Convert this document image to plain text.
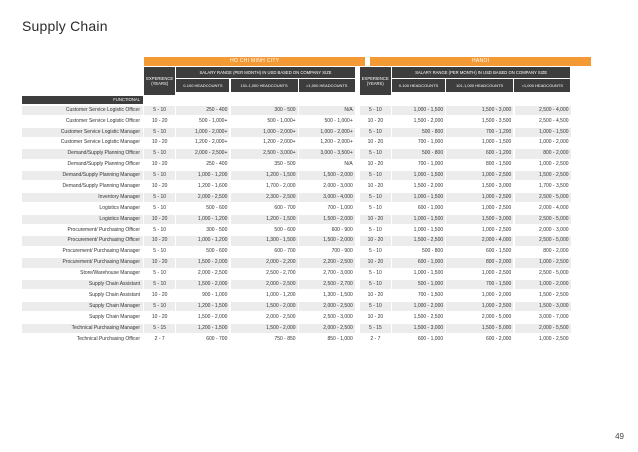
Supply Chain
HO CHI MINH CITY	HANOI
EXPERIENCE (YEARS)
SALARY RANGE (PER MONTH) IN USD BASED ON COMPANY SIZE
0-100 HEADCOUNTS	101-1,000 HEADCOUNTS	>1,000 HEADCOUNTS
EXPERIENCE (YEARS)
SALARY RANGE (PER MONTH) IN USD BASED ON COMPANY SIZE
0-100 HEADCOUNTS	101-1,000 HEADCOUNTS	>1,000 HEADCOUNTS
FUNCTIONAL
Customer Service Logistic Officer	5 - 10	250 - 400	300 - 500	N/A	5 - 10	1,000 - 1,500	1,500 - 3,000	2,500 - 4,000
Customer Service Logistic Officer	10 - 20	500 - 1,000+	500 - 1,000+	500 - 1,000+	10 - 20	1,500 - 2,000	1,500 - 3,500	2,500 - 4,500
Customer Service Logistic Manager	5 - 10	1,000 - 2,000+	1,000 - 2,000+	1,000 - 2,000+	5 - 10	500 - 800	700 - 1,200	1,000 - 1,500
Customer Service Logistic Manager	10 - 20	1,200 - 2,000+	1,200 - 2,000+	1,200 - 2,000+	10 - 20	700 - 1,000	1,000 - 1,500	1,000 - 2,000
Demand/Supply Planning Officer	5 - 10	2,000 - 2,500+	2,500 - 3,000+	3,000 - 3,500+	5 - 10	500 - 800	600 - 1,200	800 - 2,000
Demand/Supply Planning Officer	10 - 20	250 - 400	350 - 500	N/A	10 - 20	700 - 1,000	800 - 1,500	1,000 - 2,500
Demand/Supply Planning Manager	5 - 10	1,000 - 1,200	1,200 - 1,500	1,500 - 2,000	5 - 10	1,000 - 1,500	1,000 - 2,500	1,500 - 2,500
Demand/Supply Planning Manager	10 - 20	1,200 - 1,600	1,700 - 2,000	2,000 - 3,000	10 - 20	1,500 - 2,000	1,500 - 3,000	1,700 - 3,500
Inventory Manager	5 - 10	2,000 - 2,500	2,300 - 2,500	3,000 - 4,000	5 - 10	1,000 - 1,500	1,000 - 2,500	2,500 - 5,000
Logistics Manager	5 - 10	500 - 600	600 - 700	700 - 1,000	5 - 10	600 - 1,000	1,000 - 2,500	2,000 - 4,000
Logistics Manager	10 - 20	1,000 - 1,200	1,200 - 1,500	1,500 - 2,000	10 - 20	1,000 - 1,500	1,500 - 3,000	2,500 - 5,000
Procurement/ Purchasing Officer	5 - 10	300 - 500	500 - 600	600 - 900	5 - 10	1,000 - 1,500	1,000 - 2,500	2,000 - 3,000
Procurement/ Purchasing Officer	10 - 20	1,000 - 1,200	1,300 - 1,500	1,500 - 2,000	10 - 20	1,500 - 2,500	2,000 - 4,000	2,500 - 5,000
Procurement/ Purchasing Manager	5 - 10	500 - 600	600 - 700	700 - 900	5 - 10	500 - 800	600 - 1,500	800 - 2,000
Procurement/ Purchasing Manager	10 - 20	1,500 - 2,000	2,000 - 2,200	2,200 - 2,500	10 - 20	600 - 1,000	800 - 2,000	1,000 - 2,500
Store/Warehouse Manager	5 - 10	2,000 - 2,500	2,500 - 2,700	2,700 - 3,000	5 - 10	1,000 - 1,500	1,000 - 2,500	2,500 - 5,000
Supply Chain Assistant	5 - 10	1,500 - 2,000	2,000 - 2,500	2,500 - 2,700	5 - 10	500 - 1,000	700 - 1,500	1,000 - 2,000
Supply Chain Assistant	10 - 20	900 - 1,000	1,000 - 1,200	1,300 - 1,500	10 - 20	700 - 1,500	1,000 - 2,000	1,500 - 2,500
Supply Chain Manager	5 - 10	1,200 - 1,500	1,500 - 2,000	2,000 - 2,500	5 - 10	1,000 - 2,000	1,000 - 2,500	1,500 - 3,000
Supply Chain Manager	10 - 20	1,500 - 2,000	2,000 - 2,500	2,500 - 3,000	10 - 20	1,500 - 2,500	2,000 - 5,000	3,000 - 7,000
Technical Purchasing Manager	5 - 15	1,200 - 1,500	1,500 - 2,000	2,000 - 2,500	5 - 15	1,500 - 3,000	1,500 - 5,000	2,000 - 5,500
Technical Purchasing Officer	2 - 7	600 - 700	750 - 850	850 - 1,000	2 - 7	600 - 1,000	600 - 2,000	1,000 - 2,500
49
